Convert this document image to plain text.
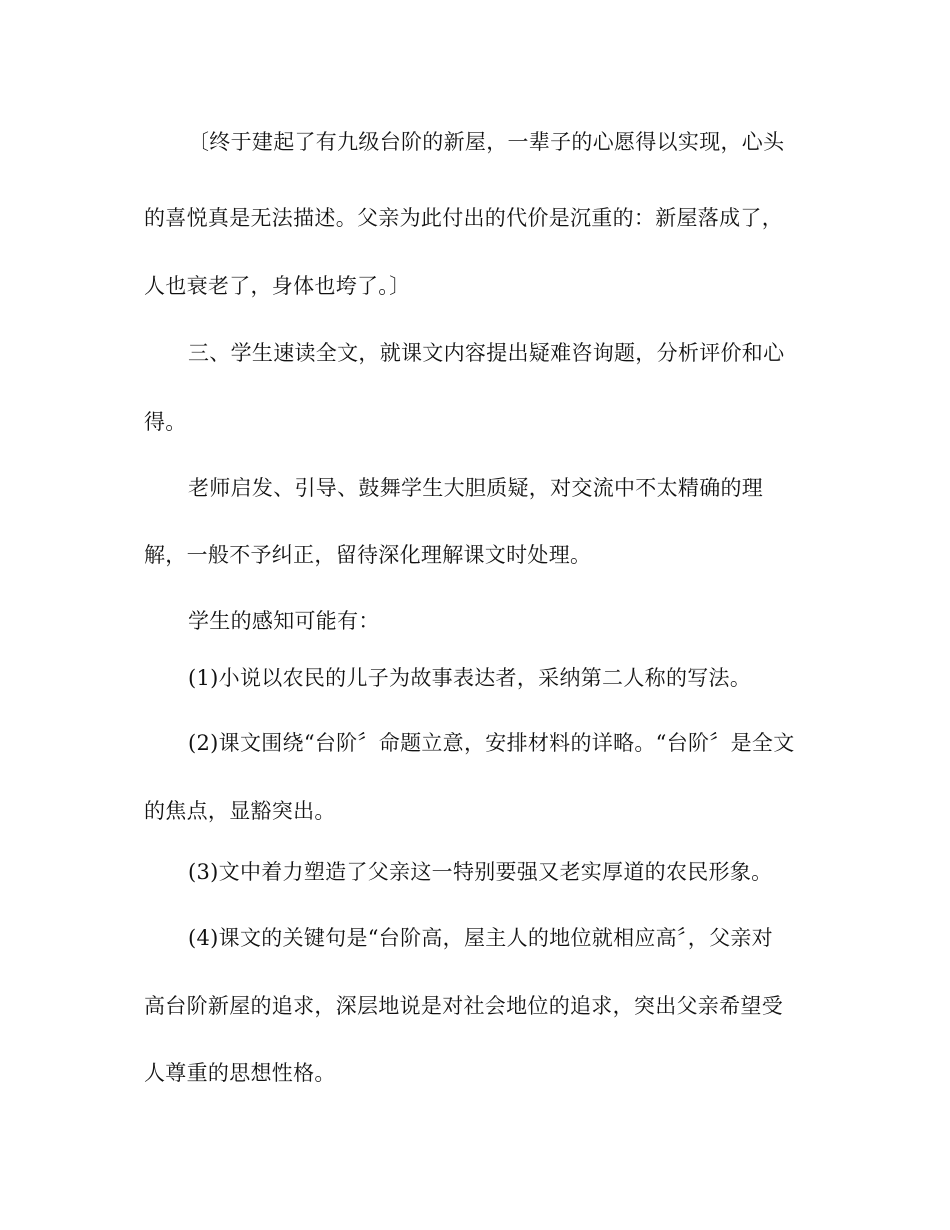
〔终于建起了有九级台阶的新屋，一辈子的心愿得以实现，心头
的喜悦真是无法描述。父亲为此付出的代价是沉重的：新屋落成了，
人也衰老了，身体也垮了。〕
三、学生速读全文，就课文内容提出疑难咨询题，分析评价和心
得。
老师启发、引导、鼓舞学生大胆质疑，对交流中不太精确的理
解，一般不予纠正，留待深化理解课文时处理。
学生的感知可能有：
(1)小说以农民的儿子为故事表达者，采纳第二人称的写法。
(2)课文围绕“台阶〞命题立意，安排材料的详略。“台阶〞是全文
的焦点，显豁突出。
(3)文中着力塑造了父亲这一特别要强又老实厚道的农民形象。
(4)课文的关键句是“台阶高，屋主人的地位就相应高〞，父亲对
高台阶新屋的追求，深层地说是对社会地位的追求，突出父亲希望受
人尊重的思想性格。
